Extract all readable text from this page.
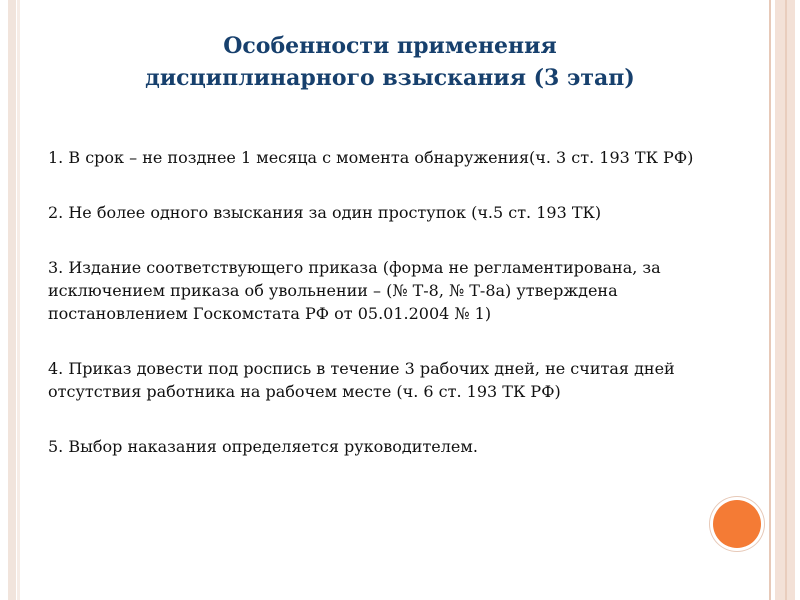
Особенности применения
дисциплинарного взыскания (3 этап)
1. В срок – не позднее 1 месяца с момента обнаружения(ч. 3 ст. 193 ТК РФ)
2. Не более одного взыскания за один проступок (ч.5 ст. 193 ТК)
3. Издание соответствующего приказа (форма не регламентирована, за исключением приказа об увольнении – (№ Т-8, № Т-8а) утверждена постановлением Госкомстата РФ от 05.01.2004 № 1)
4. Приказ довести под роспись в течение 3 рабочих дней, не считая дней отсутствия работника на рабочем месте (ч. 6 ст. 193 ТК РФ)
5. Выбор наказания определяется руководителем.
